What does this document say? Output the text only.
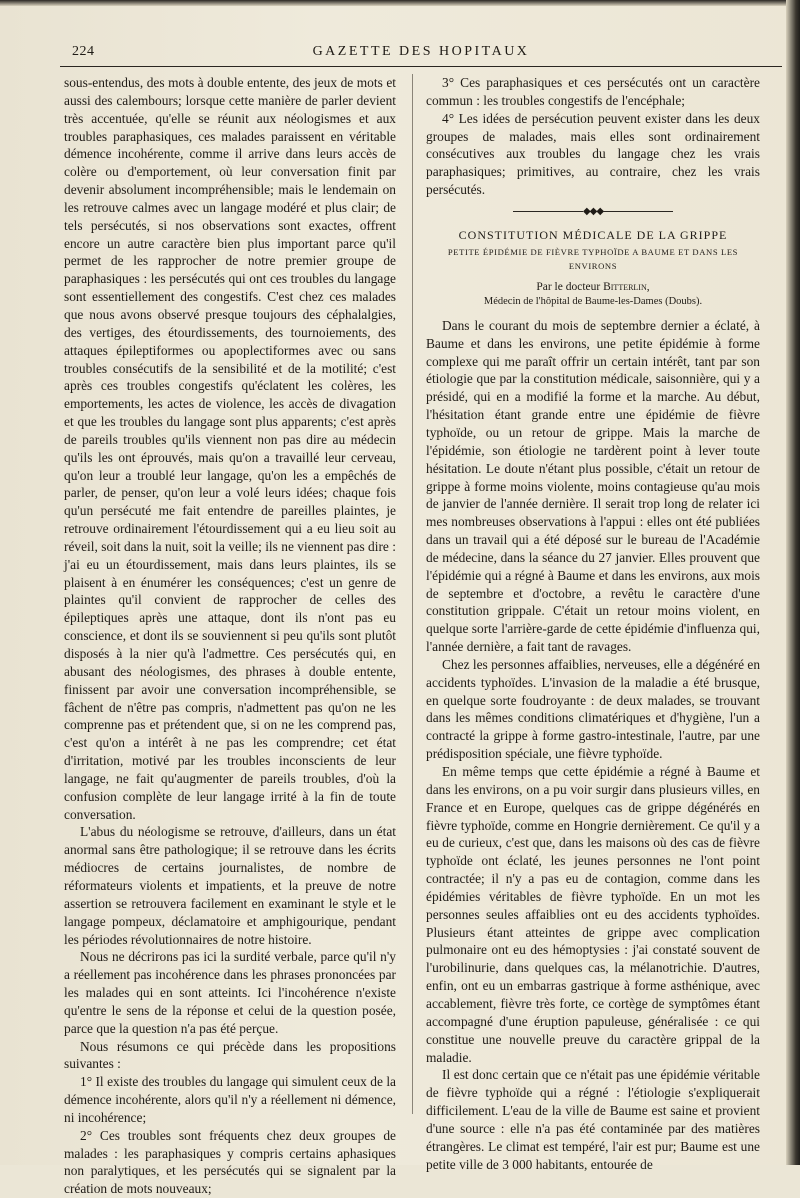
224	GAZETTE DES HOPITAUX

sous-entendus, des mots à double entente, des jeux de mots et aussi des calembours; lorsque cette manière de parler devient très accentuée, qu'elle se réunit aux néologismes et aux troubles paraphasiques, ces malades paraissent en véritable démence incohérente, comme il arrive dans leurs accès de colère ou d'emportement, où leur conversation finit par devenir absolument incompréhensible; mais le lendemain on les retrouve calmes avec un langage modéré et plus clair; de tels persécutés, si nos observations sont exactes, offrent encore un autre caractère bien plus important parce qu'il permet de les rapprocher de notre premier groupe de paraphasiques : les persécutés qui ont ces troubles du langage sont essentiellement des congestifs. C'est chez ces malades que nous avons observé presque toujours des céphalalgies, des vertiges, des étourdissements, des tournoiements, des attaques épileptiformes ou apoplectiformes avec ou sans troubles consécutifs de la sensibilité et de la motilité; c'est après ces troubles congestifs qu'éclatent les colères, les emportements, les actes de violence, les accès de divagation et que les troubles du langage sont plus apparents; c'est après de pareils troubles qu'ils viennent non pas dire au médecin qu'ils les ont éprouvés, mais qu'on a travaillé leur cerveau, qu'on leur a troublé leur langage, qu'on les a empêchés de parler, de penser, qu'on leur a volé leurs idées; chaque fois qu'un persécuté me fait entendre de pareilles plaintes, je retrouve ordinairement l'étourdissement qui a eu lieu soit au réveil, soit dans la nuit, soit la veille; ils ne viennent pas dire : j'ai eu un étourdissement, mais dans leurs plaintes, ils se plaisent à en énumérer les conséquences; c'est un genre de plaintes qu'il convient de rapprocher de celles des épileptiques après une attaque, dont ils n'ont pas eu conscience, et dont ils se souviennent si peu qu'ils sont plutôt disposés à la nier qu'à l'admettre. Ces persécutés qui, en abusant des néologismes, des phrases à double entente, finissent par avoir une conversation incompréhensible, se fâchent de n'être pas compris, n'admettent pas qu'on ne les comprenne pas et prétendent que, si on ne les comprend pas, c'est qu'on a intérêt à ne pas les comprendre; cet état d'irritation, motivé par les troubles inconscients de leur langage, ne fait qu'augmenter de pareils troubles, d'où la confusion complète de leur langage irrité à la fin de toute conversation.

L'abus du néologisme se retrouve, d'ailleurs, dans un état anormal sans être pathologique; il se retrouve dans les écrits médiocres de certains journalistes, de nombre de réformateurs violents et impatients, et la preuve de notre assertion se retrouvera facilement en examinant le style et le langage pompeux, déclamatoire et amphigourique, pendant les périodes révolutionnaires de notre histoire.

Nous ne décrirons pas ici la surdité verbale, parce qu'il n'y a réellement pas incohérence dans les phrases prononcées par les malades qui en sont atteints. Ici l'incohérence n'existe qu'entre le sens de la réponse et celui de la question posée, parce que la question n'a pas été perçue.

Nous résumons ce qui précède dans les propositions suivantes :

1° Il existe des troubles du langage qui simulent ceux de la démence incohérente, alors qu'il n'y a réellement ni démence, ni incohérence;

2° Ces troubles sont fréquents chez deux groupes de malades : les paraphasiques y compris certains aphasiques non paralytiques, et les persécutés qui se signalent par la création de mots nouveaux;

3° Ces paraphasiques et ces persécutés ont un caractère commun : les troubles congestifs de l'encéphale;

4° Les idées de persécution peuvent exister dans les deux groupes de malades, mais elles sont ordinairement consécutives aux troubles du langage chez les vrais paraphasiques; primitives, au contraire, chez les vrais persécutés.

◆◆◆
CONSTITUTION MÉDICALE DE LA GRIPPE
PETITE ÉPIDÉMIE DE FIÈVRE TYPHOÏDE A BAUME ET DANS LES ENVIRONS
Par le docteur Bitterlin,
Médecin de l'hôpital de Baume-les-Dames (Doubs).

Dans le courant du mois de septembre dernier a éclaté, à Baume et dans les environs, une petite épidémie à forme complexe qui me paraît offrir un certain intérêt, tant par son étiologie que par la constitution médicale, saisonnière, qui y a présidé, qui en a modifié la forme et la marche. Au début, l'hésitation étant grande entre une épidémie de fièvre typhoïde, ou un retour de grippe. Mais la marche de l'épidémie, son étiologie ne tardèrent point à lever toute hésitation. Le doute n'étant plus possible, c'était un retour de grippe à forme moins violente, moins contagieuse qu'au mois de janvier de l'année dernière. Il serait trop long de relater ici mes nombreuses observations à l'appui : elles ont été publiées dans un travail qui a été déposé sur le bureau de l'Académie de médecine, dans la séance du 27 janvier. Elles prouvent que l'épidémie qui a régné à Baume et dans les environs, aux mois de septembre et d'octobre, a revêtu le caractère d'une constitution grippale. C'était un retour moins violent, en quelque sorte l'arrière-garde de cette épidémie d'influenza qui, l'année dernière, a fait tant de ravages.

Chez les personnes affaiblies, nerveuses, elle a dégénéré en accidents typhoïdes. L'invasion de la maladie a été brusque, en quelque sorte foudroyante : de deux malades, se trouvant dans les mêmes conditions climatériques et d'hygiène, l'un a contracté la grippe à forme gastro-intestinale, l'autre, par une prédisposition spéciale, une fièvre typhoïde.

En même temps que cette épidémie a régné à Baume et dans les environs, on a pu voir surgir dans plusieurs villes, en France et en Europe, quelques cas de grippe dégénérés en fièvre typhoïde, comme en Hongrie dernièrement. Ce qu'il y a eu de curieux, c'est que, dans les maisons où des cas de fièvre typhoïde ont éclaté, les jeunes personnes ne l'ont point contractée; il n'y a pas eu de contagion, comme dans les épidémies véritables de fièvre typhoïde. En un mot les personnes seules affaiblies ont eu des accidents typhoïdes. Plusieurs étant atteintes de grippe avec complication pulmonaire ont eu des hémoptysies : j'ai constaté souvent de l'urobilinurie, dans quelques cas, la mélanotrichie. D'autres, enfin, ont eu un embarras gastrique à forme asthénique, avec accablement, fièvre très forte, ce cortège de symptômes étant accompagné d'une éruption papuleuse, généralisée : ce qui constitue une nouvelle preuve du caractère grippal de la maladie.

Il est donc certain que ce n'était pas une épidémie véritable de fièvre typhoïde qui a régné : l'étiologie s'expliquerait difficilement. L'eau de la ville de Baume est saine et provient d'une source : elle n'a pas été contaminée par des matières étrangères. Le climat est tempéré, l'air est pur; Baume est une petite ville de 3 000 habitants, entourée de
